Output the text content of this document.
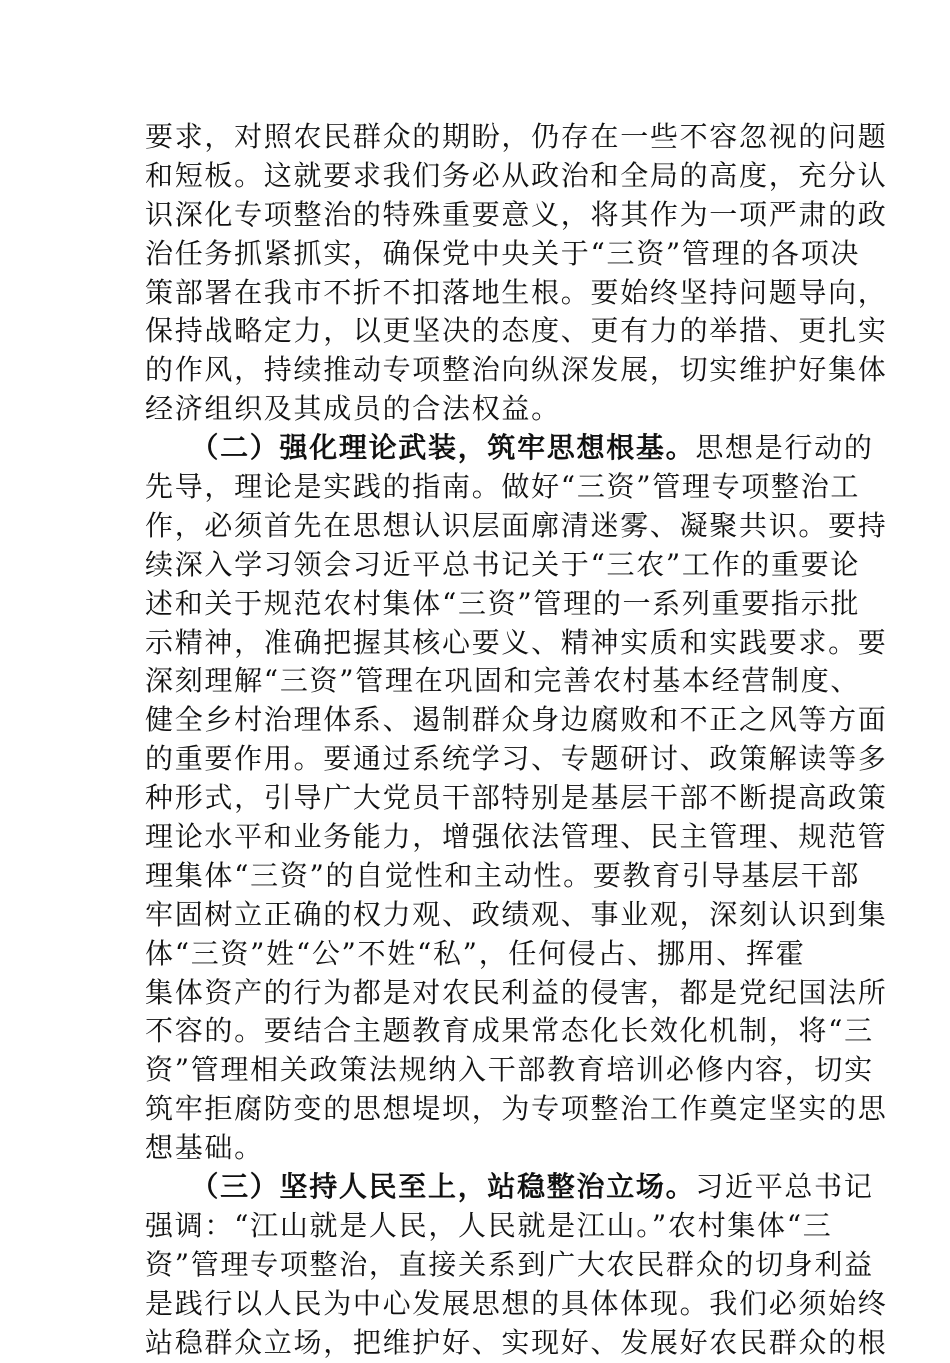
要求，对照农民群众的期盼，仍存在一些不容忽视的问题
和短板。这就要求我们务必从政治和全局的高度，充分认
识深化专项整治的特殊重要意义，将其作为一项严肃的政
治任务抓紧抓实，确保党中央关于“三资”管理的各项决
策部署在我市不折不扣落地生根。要始终坚持问题导向，
保持战略定力，以更坚决的态度、更有力的举措、更扎实
的作风，持续推动专项整治向纵深发展，切实维护好集体
经济组织及其成员的合法权益。
　　（二）强化理论武装，筑牢思想根基。思想是行动的
先导，理论是实践的指南。做好“三资”管理专项整治工
作，必须首先在思想认识层面廓清迷雾、凝聚共识。要持
续深入学习领会习近平总书记关于“三农”工作的重要论
述和关于规范农村集体“三资”管理的一系列重要指示批
示精神，准确把握其核心要义、精神实质和实践要求。要
深刻理解“三资”管理在巩固和完善农村基本经营制度、
健全乡村治理体系、遏制群众身边腐败和不正之风等方面
的重要作用。要通过系统学习、专题研讨、政策解读等多
种形式，引导广大党员干部特别是基层干部不断提高政策
理论水平和业务能力，增强依法管理、民主管理、规范管
理集体“三资”的自觉性和主动性。要教育引导基层干部
牢固树立正确的权力观、政绩观、事业观，深刻认识到集
体“三资”姓“公”不姓“私”，任何侵占、挪用、挥霍
集体资产的行为都是对农民利益的侵害，都是党纪国法所
不容的。要结合主题教育成果常态化长效化机制，将“三
资”管理相关政策法规纳入干部教育培训必修内容，切实
筑牢拒腐防变的思想堤坝，为专项整治工作奠定坚实的思
想基础。
　　（三）坚持人民至上，站稳整治立场。习近平总书记
强调：“江山就是人民，人民就是江山。”农村集体“三
资”管理专项整治，直接关系到广大农民群众的切身利益
是践行以人民为中心发展思想的具体体现。我们必须始终
站稳群众立场，把维护好、实现好、发展好农民群众的根
